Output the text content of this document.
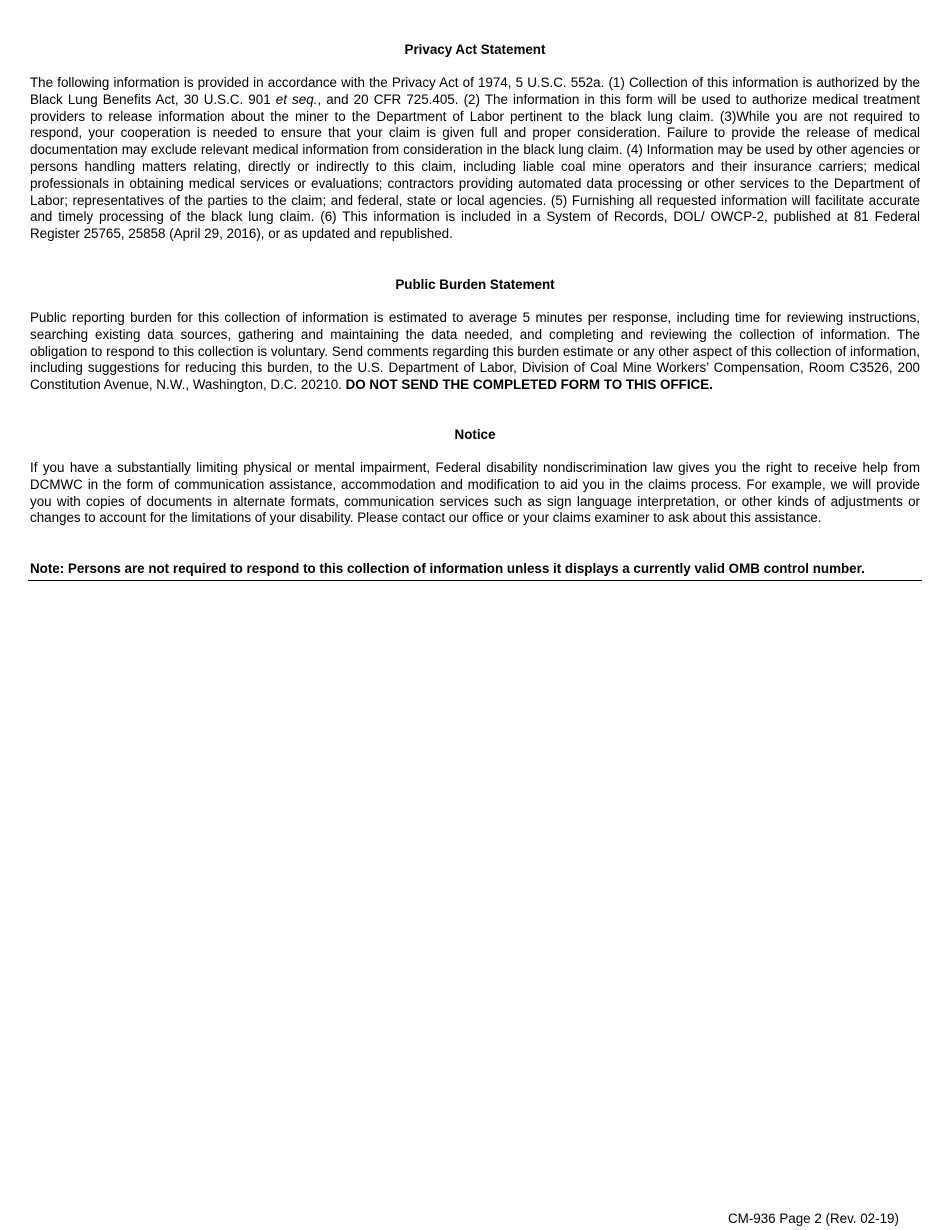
Privacy Act Statement

The following information is provided in accordance with the Privacy Act of 1974, 5 U.S.C. 552a. (1) Collection of this information is authorized by the Black Lung Benefits Act, 30 U.S.C. 901 et seq., and 20 CFR 725.405. (2) The information in this form will be used to authorize medical treatment providers to release information about the miner to the Department of Labor pertinent to the black lung claim. (3)While you are not required to respond, your cooperation is needed to ensure that your claim is given full and proper consideration. Failure to provide the release of medical documentation may exclude relevant medical information from consideration in the black lung claim. (4) Information may be used by other agencies or persons handling matters relating, directly or indirectly to this claim, including liable coal mine operators and their insurance carriers; medical professionals in obtaining medical services or evaluations; contractors providing automated data processing or other services to the Department of Labor; representatives of the parties to the claim; and federal, state or local agencies. (5) Furnishing all requested information will facilitate accurate and timely processing of the black lung claim. (6) This information is included in a System of Records, DOL/ OWCP-2, published at 81 Federal Register 25765, 25858 (April 29, 2016), or as updated and republished.

Public Burden Statement

Public reporting burden for this collection of information is estimated to average 5 minutes per response, including time for reviewing instructions, searching existing data sources, gathering and maintaining the data needed, and completing and reviewing the collection of information. The obligation to respond to this collection is voluntary. Send comments regarding this burden estimate or any other aspect of this collection of information, including suggestions for reducing this burden, to the U.S. Department of Labor, Division of Coal Mine Workers’ Compensation, Room C3526, 200 Constitution Avenue, N.W., Washington, D.C. 20210. DO NOT SEND THE COMPLETED FORM TO THIS OFFICE.

Notice

If you have a substantially limiting physical or mental impairment, Federal disability nondiscrimination law gives you the right to receive help from DCMWC in the form of communication assistance, accommodation and modification to aid you in the claims process. For example, we will provide you with copies of documents in alternate formats, communication services such as sign language interpretation, or other kinds of adjustments or changes to account for the limitations of your disability. Please contact our office or your claims examiner to ask about this assistance.

Note: Persons are not required to respond to this collection of information unless it displays a currently valid OMB control number.

CM-936 Page 2 (Rev. 02-19)
